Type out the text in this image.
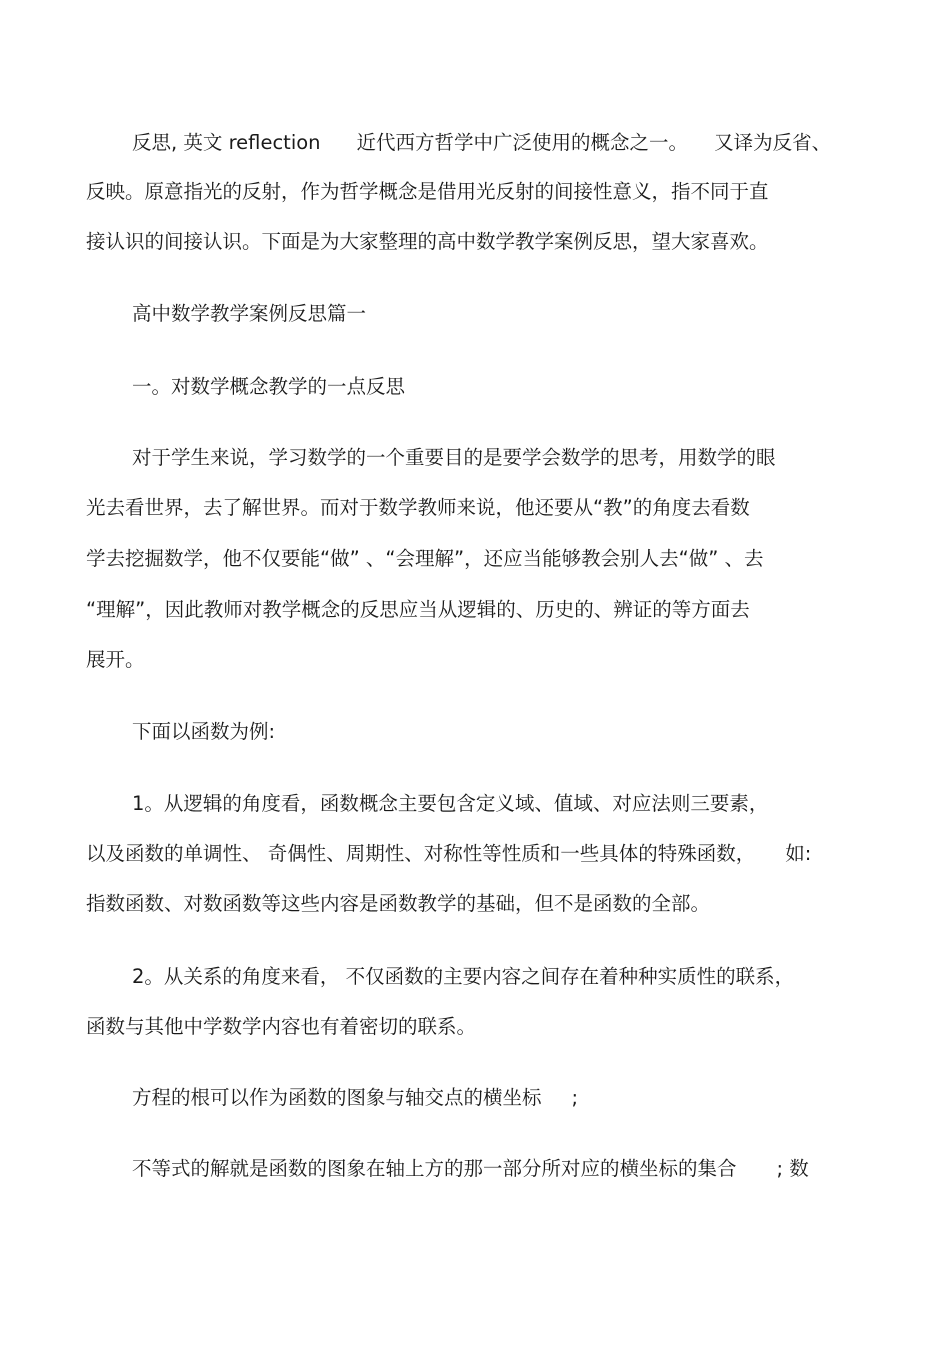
反思, 英文 reflection 近代西方哲学中广泛使用的概念之一。 又译为反省、

反映。原意指光的反射，作为哲学概念是借用光反射的间接性意义，指不同于直

接认识的间接认识。下面是为大家整理的高中数学教学案例反思，望大家喜欢。

高中数学教学案例反思篇一

一。对数学概念教学的一点反思

对于学生来说，学习数学的一个重要目的是要学会数学的思考，用数学的眼

光去看世界，去了解世界。而对于数学教师来说，他还要从“教”的角度去看数

学去挖掘数学，他不仅要能“做” 、“会理解”，还应当能够教会别人去“做” 、去

“理解”，因此教师对教学概念的反思应当从逻辑的、历史的、辨证的等方面去

展开。

下面以函数为例:

1。从逻辑的角度看，函数概念主要包含定义域、值域、对应法则三要素，

以及函数的单调性、 奇偶性、周期性、对称性等性质和一些具体的特殊函数， 如:

指数函数、对数函数等这些内容是函数教学的基础，但不是函数的全部。

2。从关系的角度来看， 不仅函数的主要内容之间存在着种种实质性的联系，

函数与其他中学数学内容也有着密切的联系。

方程的根可以作为函数的图象与轴交点的横坐标 ;

不等式的解就是函数的图象在轴上方的那一部分所对应的横坐标的集合 ; 数
